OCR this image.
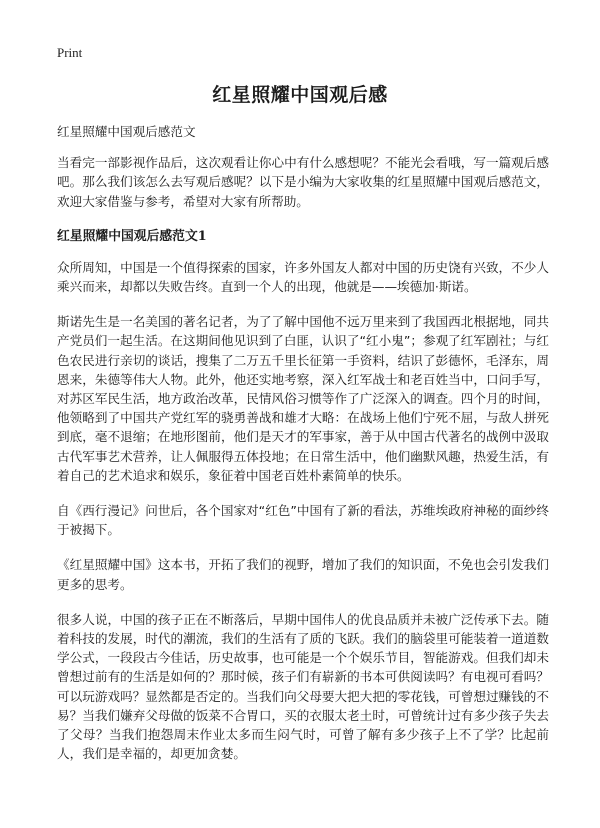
Print
红星照耀中国观后感

红星照耀中国观后感范文

当看完一部影视作品后，这次观看让你心中有什么感想呢？不能光会看哦，写一篇观后感吧。那么我们该怎么去写观后感呢？以下是小编为大家收集的红星照耀中国观后感范文，欢迎大家借鉴与参考，希望对大家有所帮助。

红星照耀中国观后感范文1

众所周知，中国是一个值得探索的国家，许多外国友人都对中国的历史饶有兴致，不少人乘兴而来，却都以失败告终。直到一个人的出现，他就是——埃德加·斯诺。

斯诺先生是一名美国的著名记者，为了了解中国他不远万里来到了我国西北根据地，同共产党员们一起生活。在这期间他见识到了白匪，认识了“红小鬼”；参观了红军剧社；与红色农民进行亲切的谈话，搜集了二万五千里长征第一手资料，结识了彭德怀，毛泽东，周恩来，朱德等伟大人物。此外，他还实地考察，深入红军战士和老百姓当中，口问手写，对苏区军民生活，地方政治改革，民情风俗习惯等作了广泛深入的调查。四个月的时间，他领略到了中国共产党红军的骁勇善战和雄才大略：在战场上他们宁死不屈，与敌人拼死到底，毫不退缩；在地形图前，他们是天才的军事家，善于从中国古代著名的战例中汲取古代军事艺术营养，让人佩服得五体投地；在日常生活中，他们幽默风趣，热爱生活，有着自己的艺术追求和娱乐，象征着中国老百姓朴素简单的快乐。

自《西行漫记》问世后，各个国家对“红色”中国有了新的看法，苏维埃政府神秘的面纱终于被揭下。

《红星照耀中国》这本书，开拓了我们的视野，增加了我们的知识面，不免也会引发我们更多的思考。

很多人说，中国的孩子正在不断落后，早期中国伟人的优良品质并未被广泛传承下去。随着科技的发展，时代的潮流，我们的生活有了质的飞跃。我们的脑袋里可能装着一道道数学公式，一段段古今佳话，历史故事，也可能是一个个娱乐节目，智能游戏。但我们却未曾想过前有的生活是如何的？那时候，孩子们有崭新的书本可供阅读吗？有电视可看吗？可以玩游戏吗？显然都是否定的。当我们向父母要大把大把的零花钱，可曾想过赚钱的不易？当我们嫌弃父母做的饭菜不合胃口，买的衣服太老土时，可曾统计过有多少孩子失去了父母？当我们抱怨周末作业太多而生闷气时，可曾了解有多少孩子上不了学？比起前人，我们是幸福的，却更加贪婪。
